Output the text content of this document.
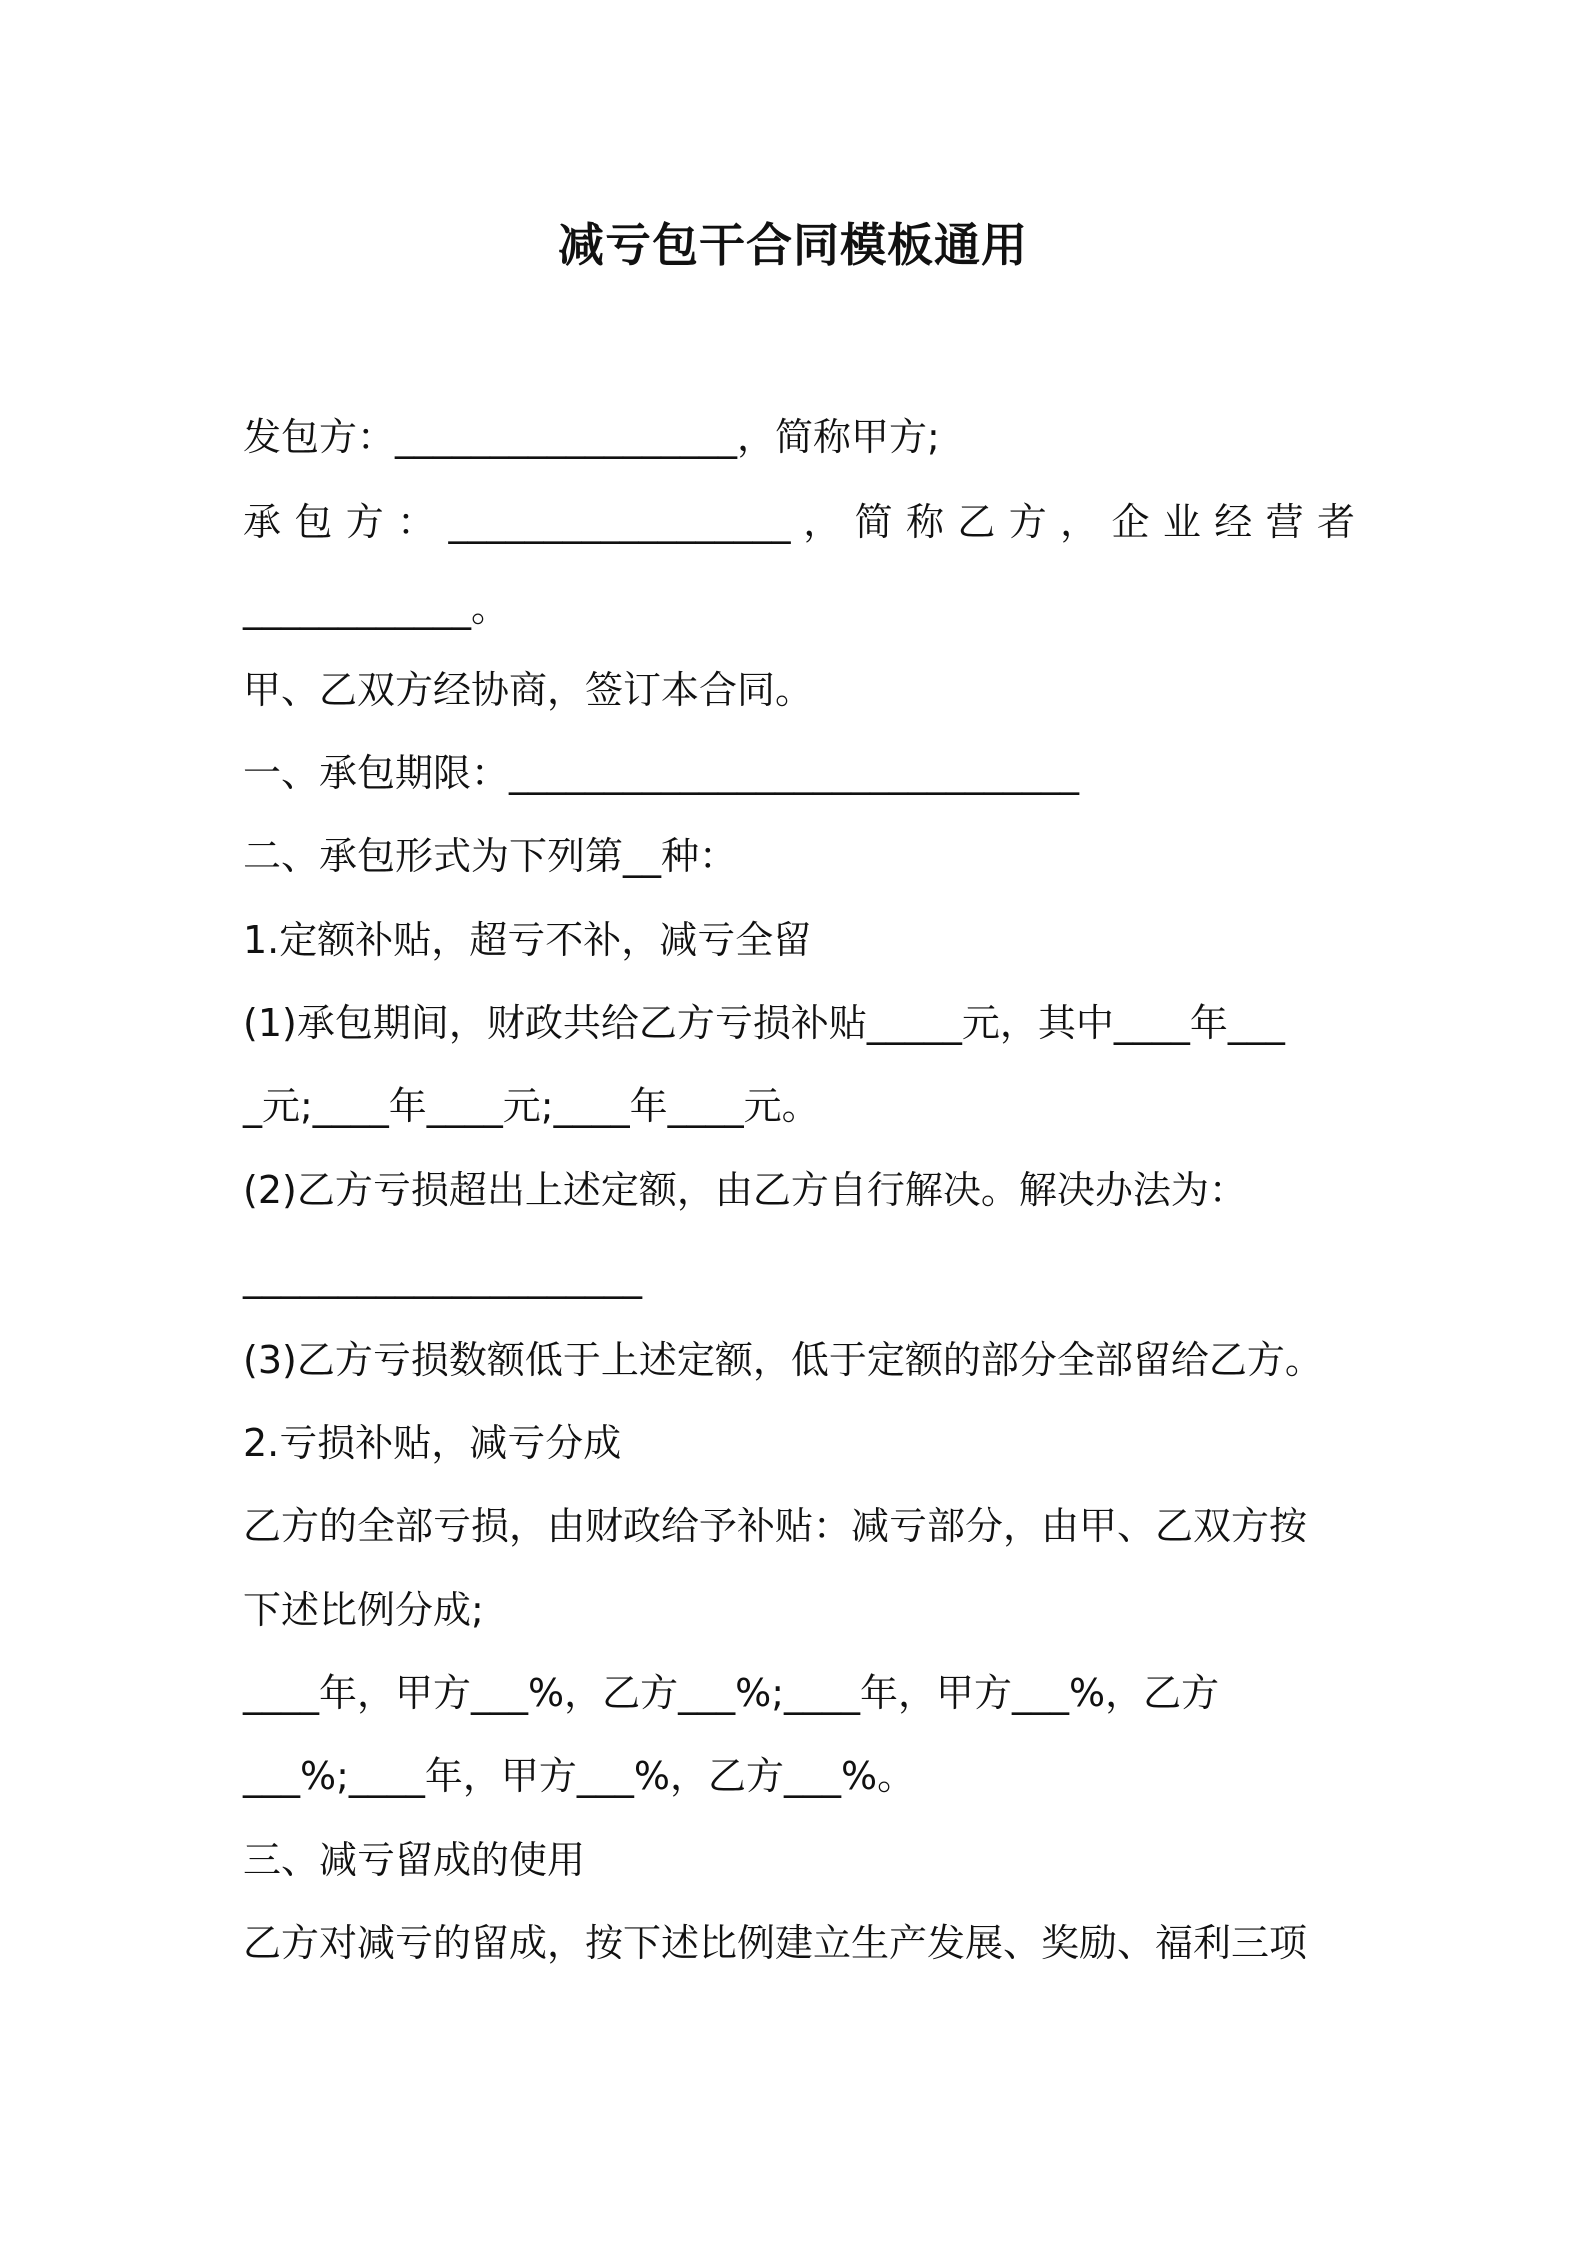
减亏包干合同模板通用

发包方：__________________，简称甲方;

承 包 方 ： __________________ ， 简 称 乙 方 ， 企 业 经 营 者

____________。

甲、乙双方经协商，签订本合同。

一、承包期限：______________________________

二、承包形式为下列第__种：

1.定额补贴，超亏不补，减亏全留

(1)承包期间，财政共给乙方亏损补贴_____元，其中____年___

_元;____年____元;____年____元。

(2)乙方亏损超出上述定额，由乙方自行解决。解决办法为：

_____________________

(3)乙方亏损数额低于上述定额，低于定额的部分全部留给乙方。

2.亏损补贴，减亏分成

乙方的全部亏损，由财政给予补贴：减亏部分，由甲、乙双方按

下述比例分成;

____年，甲方___%，乙方___%;____年，甲方___%，乙方

___%;____年，甲方___%，乙方___%。

三、减亏留成的使用

乙方对减亏的留成，按下述比例建立生产发展、奖励、福利三项
